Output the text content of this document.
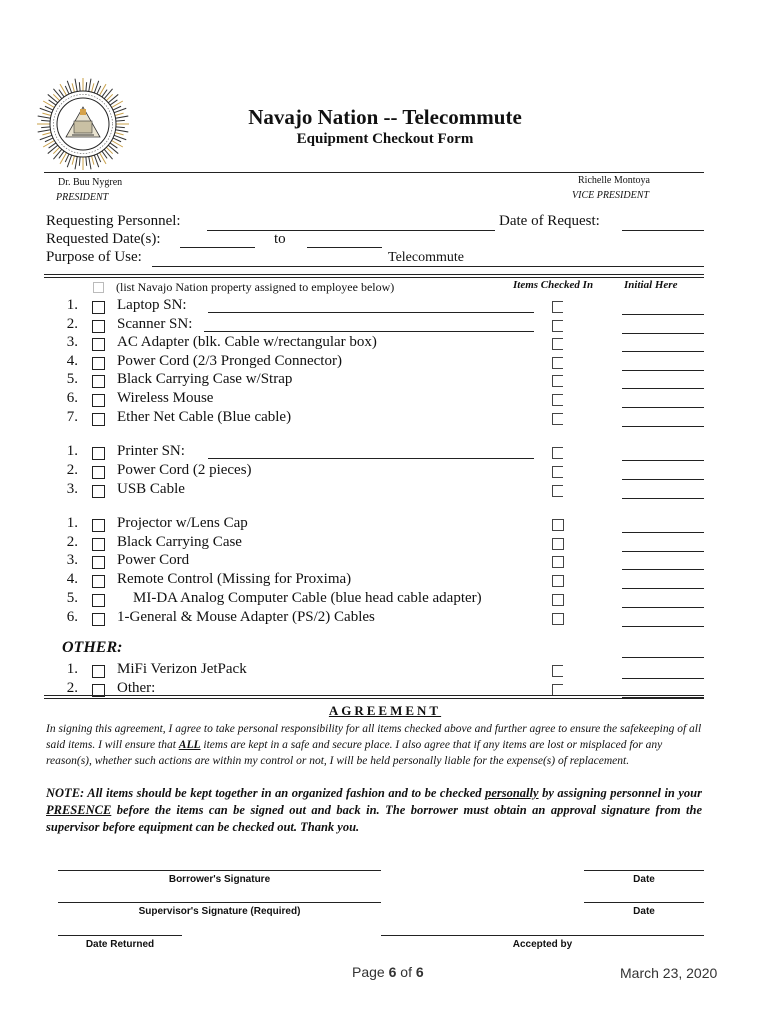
Navajo Nation -- Telecommute
Equipment Checkout Form
Dr. Buu Nygren
PRESIDENT
Richelle Montoya
VICE PRESIDENT
Requesting Personnel:	Date of Request:
Requested Date(s):	to
Purpose of Use:	Telecommute
(list Navajo Nation property assigned to employee below)	Items Checked In	Initial Here
1.	Laptop SN:
2.	Scanner SN:
3.	AC Adapter (blk. Cable w/rectangular box)
4.	Power Cord (2/3 Pronged Connector)
5.	Black Carrying Case w/Strap
6.	Wireless Mouse
7.	Ether Net Cable (Blue cable)
1.	Printer SN:
2.	Power Cord (2 pieces)
3.	USB Cable
1.	Projector w/Lens Cap
2.	Black Carrying Case
3.	Power Cord
4.	Remote Control (Missing for Proxima)
5.	MI-DA Analog Computer Cable (blue head cable adapter)
6.	1-General & Mouse Adapter (PS/2) Cables
1.	MiFi Verizon JetPack
2.	Other:
OTHER:
AGREEMENT
In signing this agreement, I agree to take personal responsibility for all items checked above and further agree to ensure the safekeeping of all said items. I will ensure that ALL items are kept in a safe and secure place. I also agree that if any items are lost or misplaced for any reason(s), whether such actions are within my control or not, I will be held personally liable for the expense(s) of replacement.
NOTE: All items should be kept together in an organized fashion and to be checked personally by assigning personnel in your PRESENCE before the items can be signed out and back in. The borrower must obtain an approval signature from the supervisor before equipment can be checked out. Thank you.
Borrower's Signature	Date
Supervisor's Signature (Required)	Date
Date Returned	Accepted by
Page 6 of 6	March 23, 2020
